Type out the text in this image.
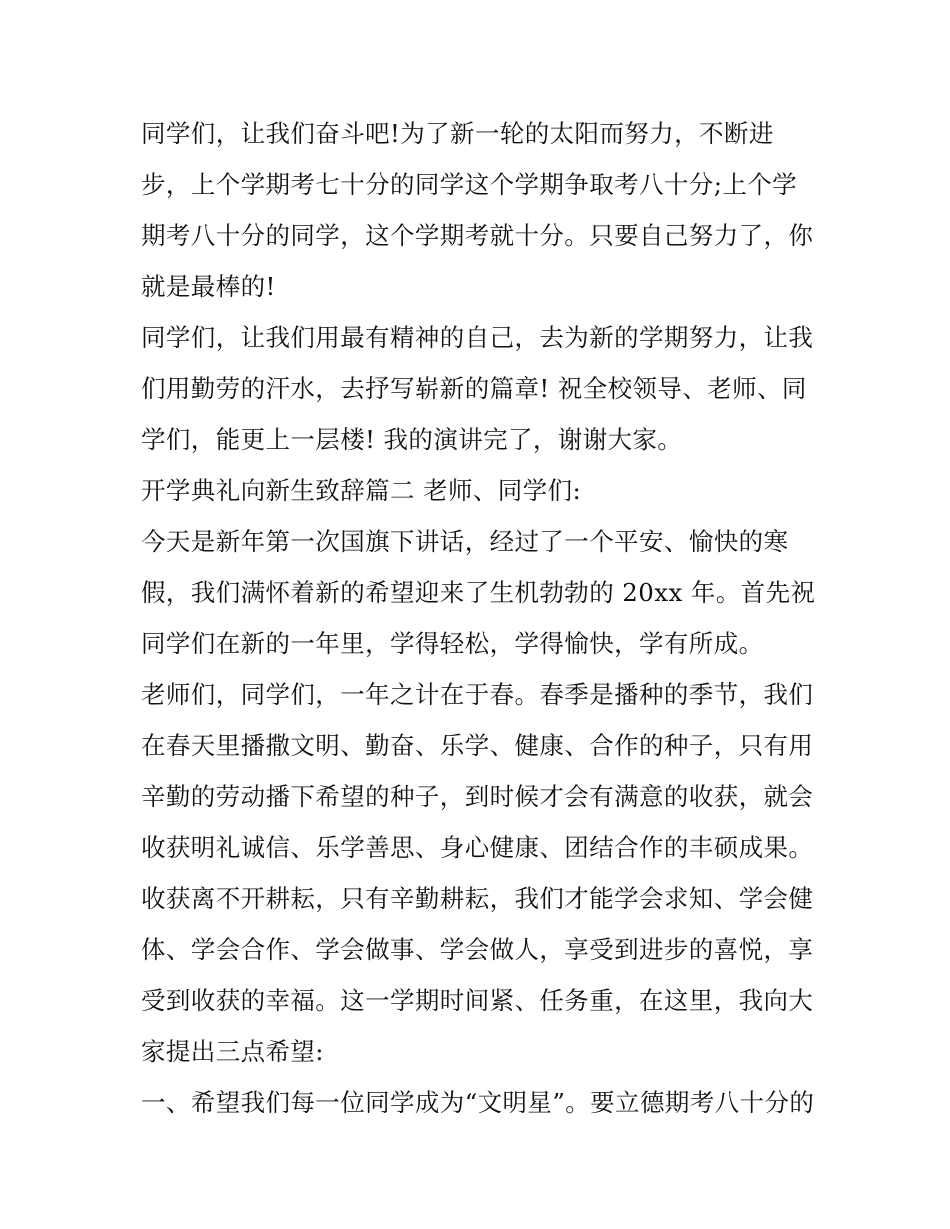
同学们，让我们奋斗吧!为了新一轮的太阳而努力，不断进
步，上个学期考七十分的同学这个学期争取考八十分;上个学
期考八十分的同学，这个学期考就十分。只要自己努力了，你
就是最棒的!
同学们，让我们用最有精神的自己，去为新的学期努力，让我
们用勤劳的汗水，去抒写崭新的篇章! 祝全校领导、老师、同
学们，能更上一层楼! 我的演讲完了，谢谢大家。
开学典礼向新生致辞篇二 老师、同学们:
今天是新年第一次国旗下讲话，经过了一个平安、愉快的寒
假，我们满怀着新的希望迎来了生机勃勃的 20xx 年。首先祝
同学们在新的一年里，学得轻松，学得愉快，学有所成。
老师们，同学们，一年之计在于春。春季是播种的季节，我们
在春天里播撒文明、勤奋、乐学、健康、合作的种子，只有用
辛勤的劳动播下希望的种子，到时候才会有满意的收获，就会
收获明礼诚信、乐学善思、身心健康、团结合作的丰硕成果。
收获离不开耕耘，只有辛勤耕耘，我们才能学会求知、学会健
体、学会合作、学会做事、学会做人，享受到进步的喜悦，享
受到收获的幸福。这一学期时间紧、任务重，在这里，我向大
家提出三点希望:
一、希望我们每一位同学成为“文明星”。要立德期考八十分的
